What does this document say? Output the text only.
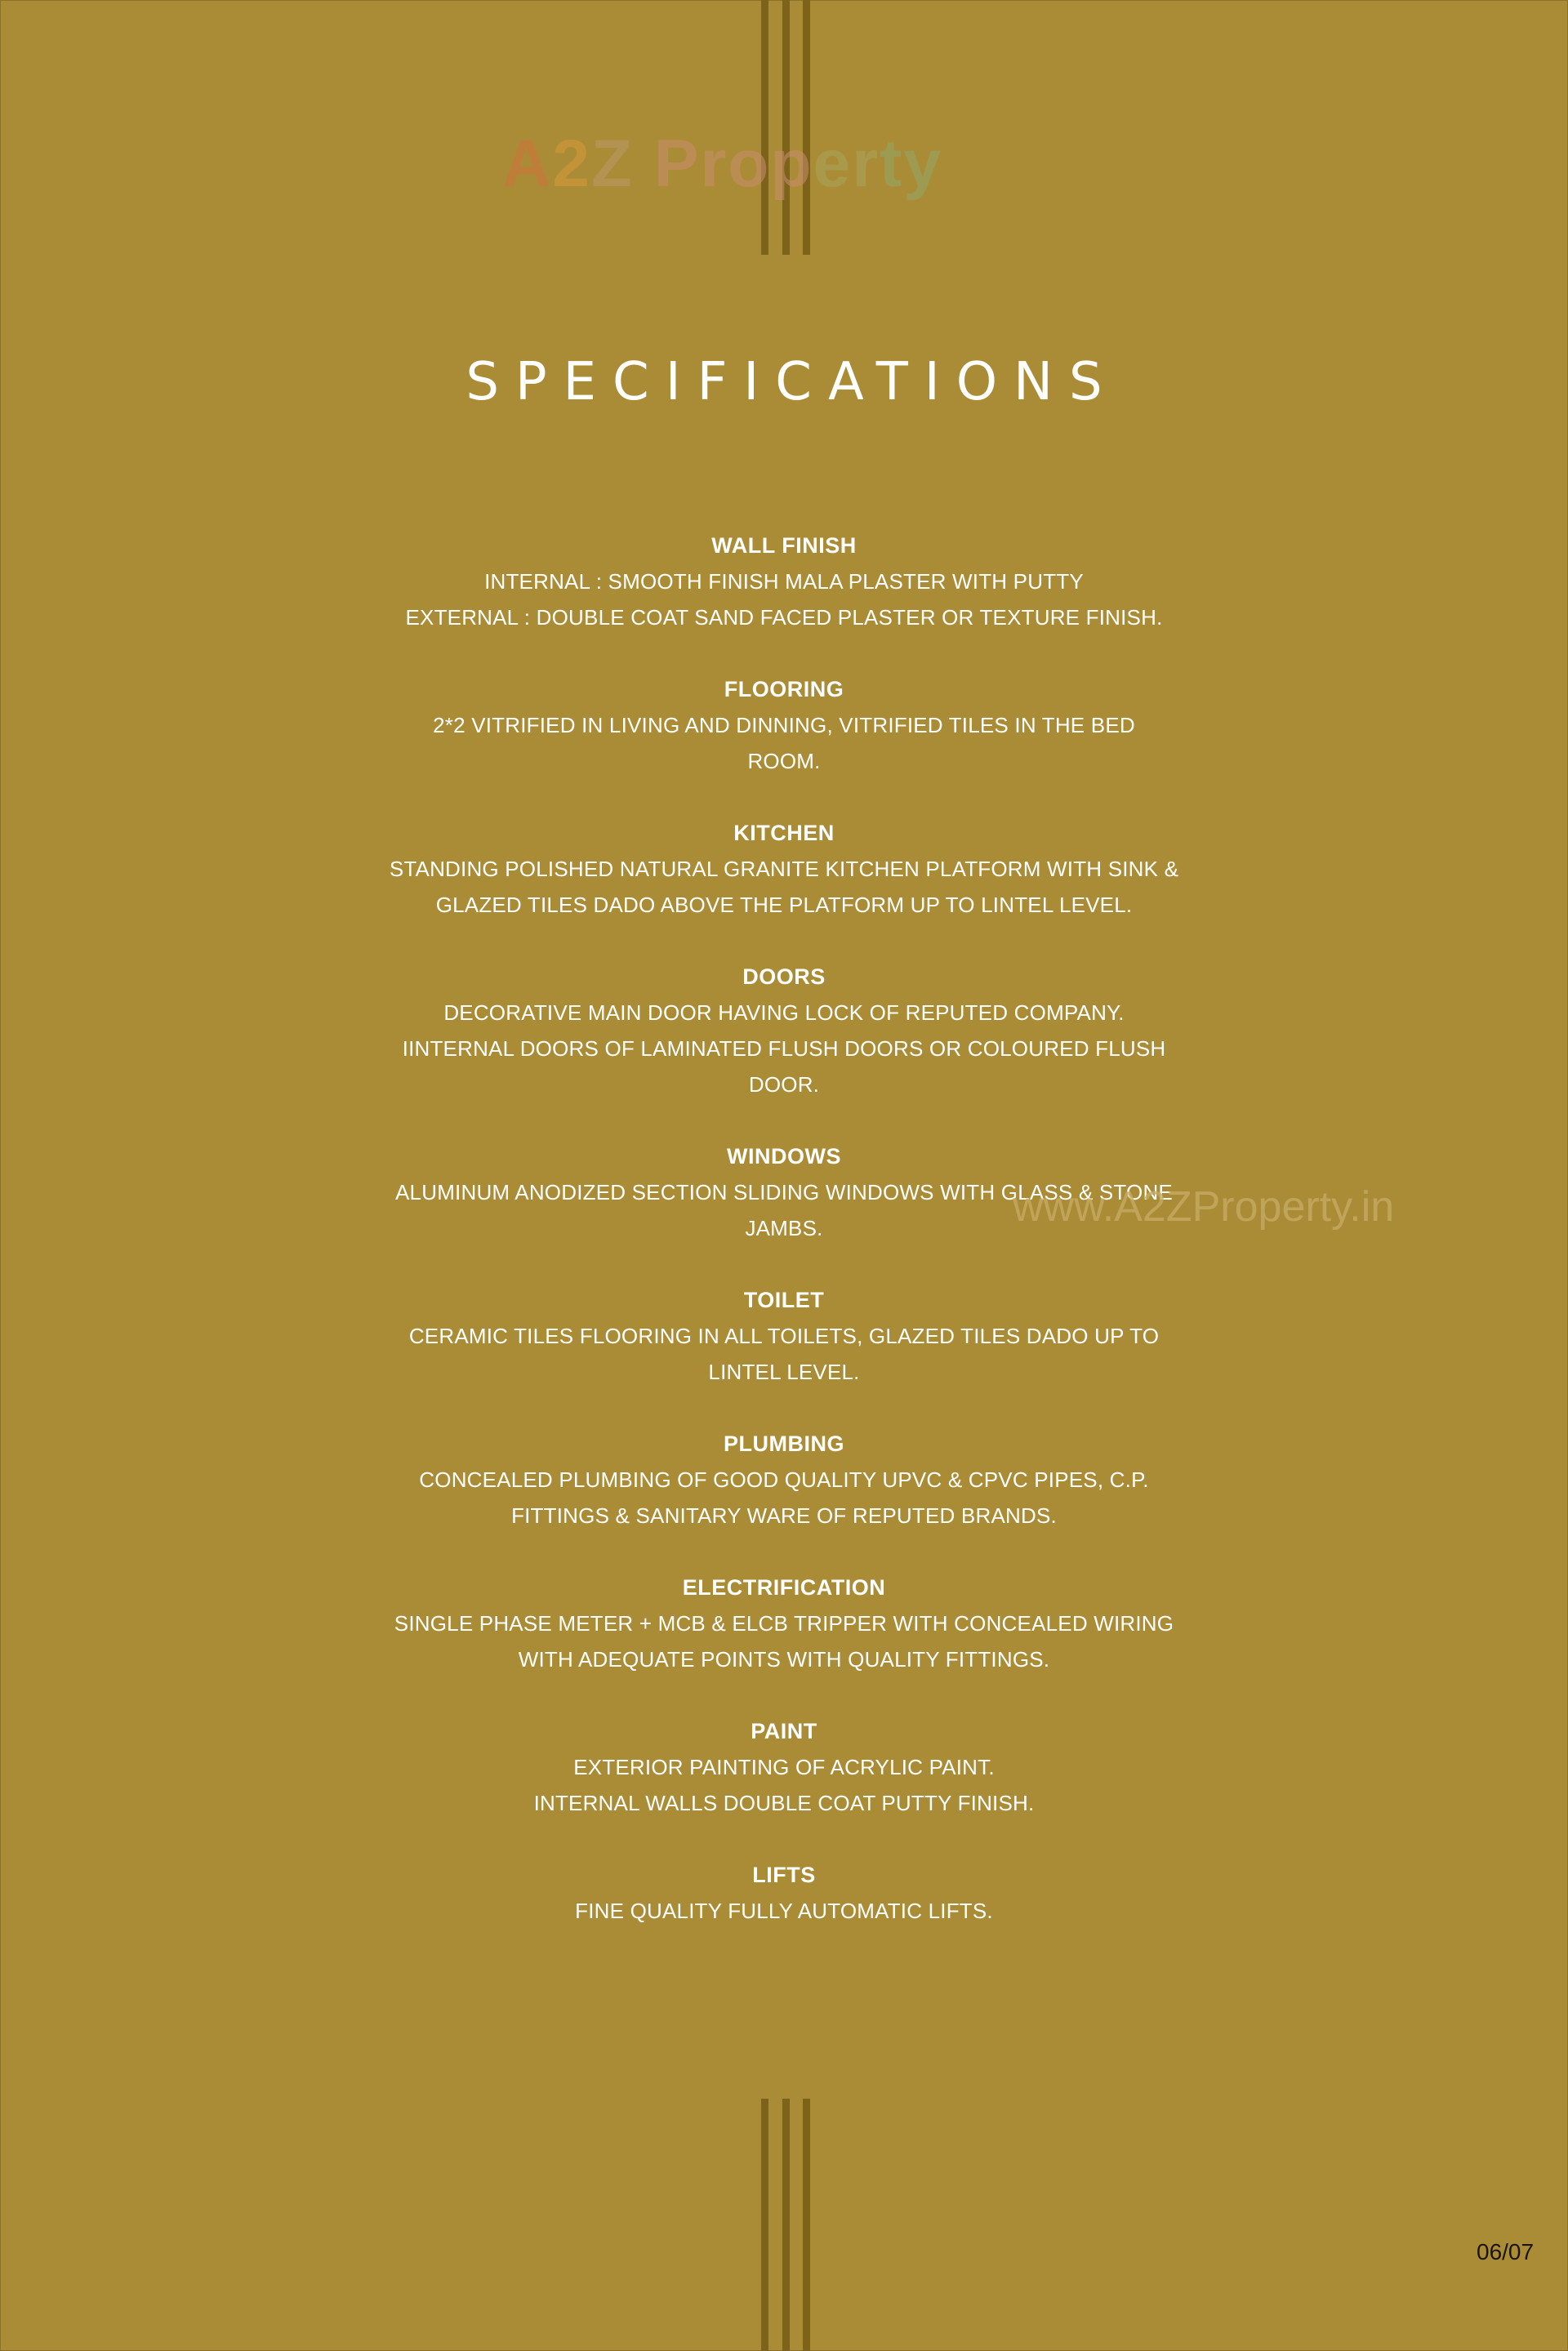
A2Z Property
SPECIFICATIONS
WALL FINISH
INTERNAL : SMOOTH FINISH MALA PLASTER WITH PUTTY
EXTERNAL : DOUBLE COAT SAND FACED PLASTER OR TEXTURE FINISH.
FLOORING
2*2 VITRIFIED IN LIVING AND DINNING, VITRIFIED TILES IN THE BED
ROOM.
KITCHEN
STANDING POLISHED NATURAL GRANITE KITCHEN PLATFORM WITH SINK &
GLAZED TILES DADO ABOVE THE PLATFORM UP TO LINTEL LEVEL.
DOORS
DECORATIVE MAIN DOOR HAVING LOCK OF REPUTED COMPANY.
IINTERNAL DOORS OF LAMINATED FLUSH DOORS OR COLOURED FLUSH
DOOR.
WINDOWS
ALUMINUM ANODIZED SECTION SLIDING WINDOWS WITH GLASS & STONE
JAMBS.
TOILET
CERAMIC TILES FLOORING IN ALL TOILETS, GLAZED TILES DADO UP TO
LINTEL LEVEL.
PLUMBING
CONCEALED PLUMBING OF GOOD QUALITY UPVC & CPVC PIPES, C.P.
FITTINGS & SANITARY WARE OF REPUTED BRANDS.
ELECTRIFICATION
SINGLE PHASE METER + MCB & ELCB TRIPPER WITH CONCEALED WIRING
WITH ADEQUATE POINTS WITH QUALITY FITTINGS.
PAINT
EXTERIOR PAINTING OF ACRYLIC PAINT.
INTERNAL WALLS DOUBLE COAT PUTTY FINISH.
LIFTS
FINE QUALITY FULLY AUTOMATIC LIFTS.
www.A2ZProperty.in
06/07
